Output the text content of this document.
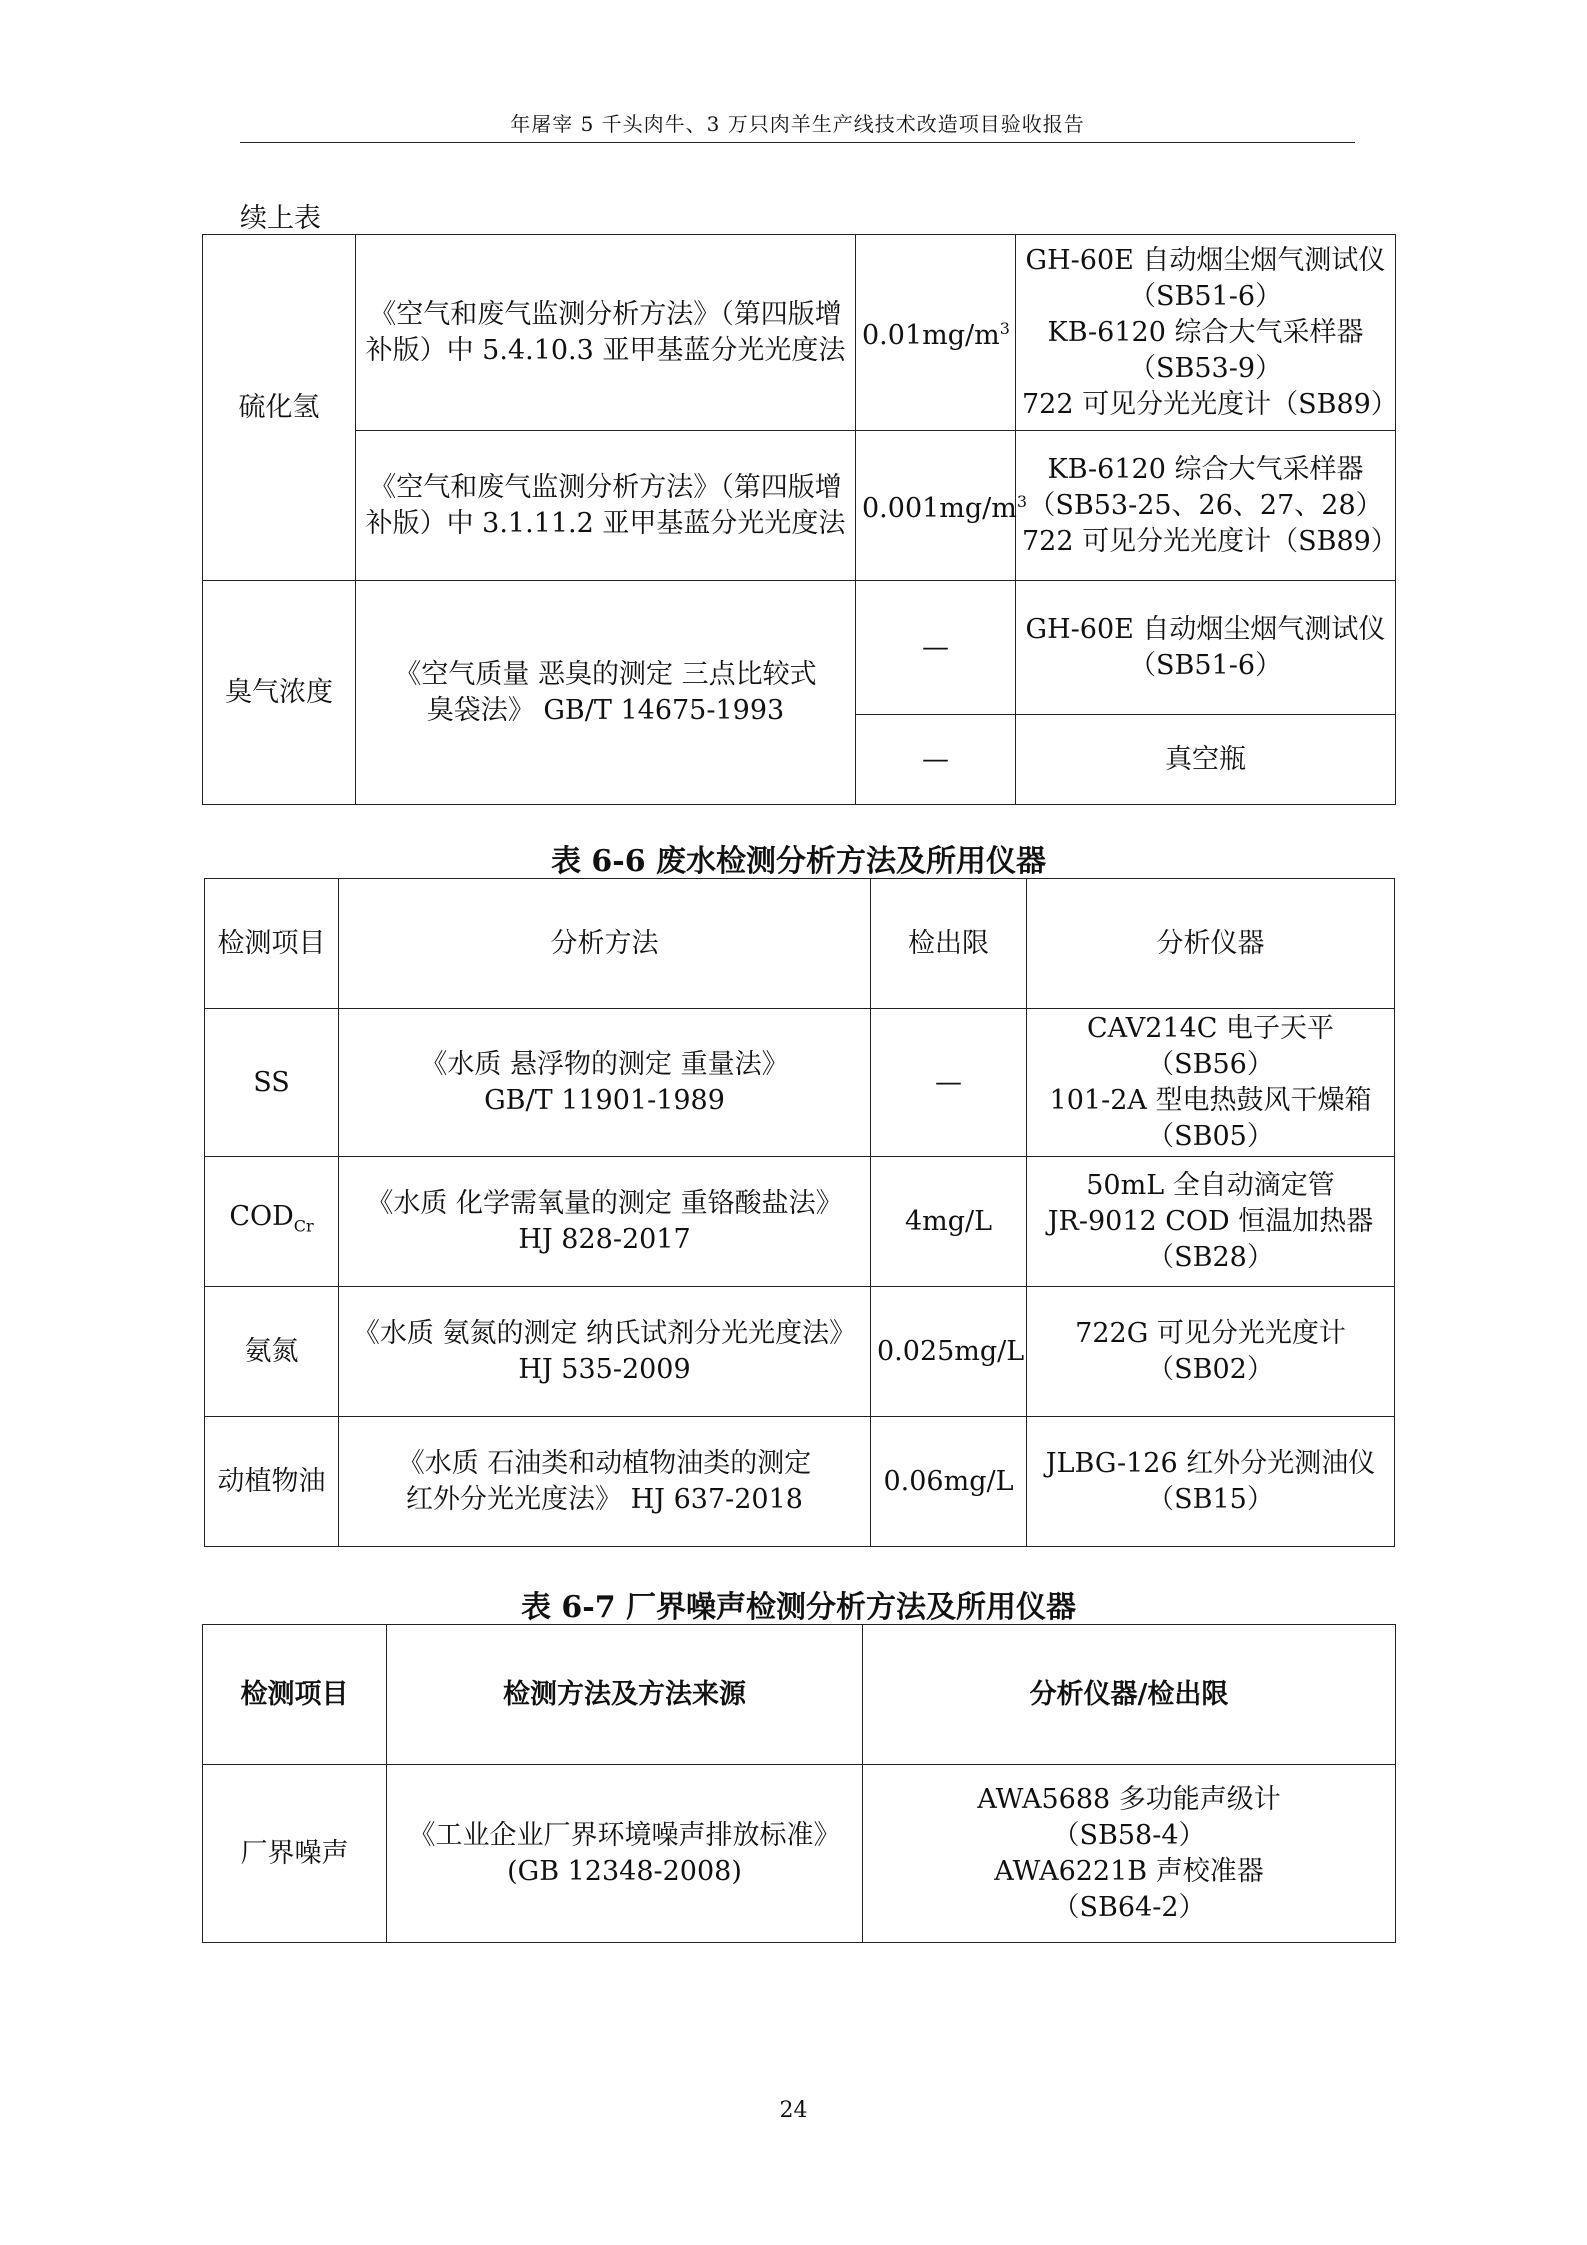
年屠宰 5 千头肉牛、3 万只肉羊生产线技术改造项目验收报告
续上表
硫化氢	《空气和废气监测分析方法》（第四版增
补版）中 5.4.10.3 亚甲基蓝分光光度法	$0.01mg/m^3$	GH-60E 自动烟尘烟气测试仪
（SB51-6）
KB-6120 综合大气采样器
（SB53-9）
722 可见分光光度计（SB89）

	《空气和废气监测分析方法》（第四版增
补版）中 3.1.11.2 亚甲基蓝分光光度法	$0.001mg/m^3$	KB-6120 综合大气采样器
（SB53-25、26、27、28）
722 可见分光光度计（SB89）

臭气浓度	《空气质量 恶臭的测定 三点比较式
臭袋法》 GB/T 14675-1993	—	GH-60E 自动烟尘烟气测试仪
（SB51-6）

		—	真空瓶
表 6-6 废水检测分析方法及所用仪器
检测项目	分析方法	检出限	分析仪器
SS	《水质 悬浮物的测定 重量法》
GB/T 11901-1989	—	CAV214C 电子天平
（SB56）
101-2A 型电热鼓风干燥箱
（SB05）

$COD_{Cr}$	《水质 化学需氧量的测定 重铬酸盐法》
HJ 828-2017	4mg/L	50mL 全自动滴定管
JR-9012 COD 恒温加热器
（SB28）

氨氮	《水质 氨氮的测定 纳氏试剂分光光度法》
HJ 535-2009	0.025mg/L	722G 可见分光光度计
（SB02）

动植物油	《水质 石油类和动植物油类的测定
红外分光光度法》 HJ 637-2018	0.06mg/L	JLBG-126 红外分光测油仪
（SB15）
表 6-7 厂界噪声检测分析方法及所用仪器
检测项目	检测方法及方法来源	分析仪器/检出限
厂界噪声	《工业企业厂界环境噪声排放标准》
(GB 12348-2008)	AWA5688 多功能声级计
（SB58-4）
AWA6221B 声校准器
（SB64-2）
24
